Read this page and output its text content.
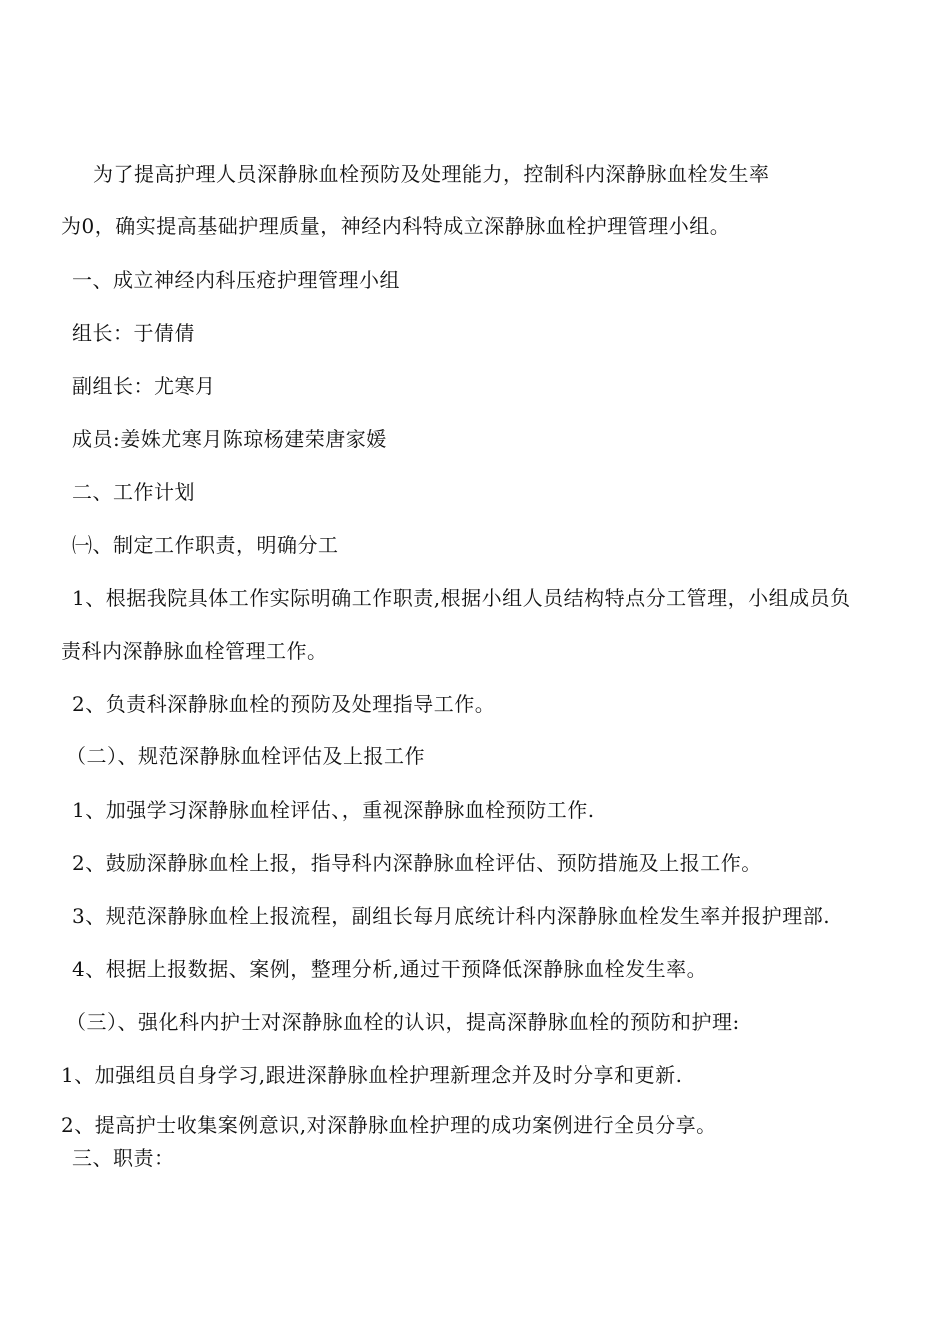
为了提高护理人员深静脉血栓预防及处理能力，控制科内深静脉血栓发生率
为0，确实提高基础护理质量，神经内科特成立深静脉血栓护理管理小组。
一、成立神经内科压疮护理管理小组
组长：于倩倩
副组长：尤寒月
成员:姜姝尤寒月陈琼杨建荣唐家媛
二、工作计划
㈠、制定工作职责，明确分工
1、根据我院具体工作实际明确工作职责,根据小组人员结构特点分工管理，小组成员负
责科内深静脉血栓管理工作。
2、负责科深静脉血栓的预防及处理指导工作。
（二）、规范深静脉血栓评估及上报工作
1、加强学习深静脉血栓评估、，重视深静脉血栓预防工作.
2、鼓励深静脉血栓上报，指导科内深静脉血栓评估、预防措施及上报工作。
3、规范深静脉血栓上报流程，副组长每月底统计科内深静脉血栓发生率并报护理部.
4、根据上报数据、案例，整理分析,通过干预降低深静脉血栓发生率。
（三）、强化科内护士对深静脉血栓的认识，提高深静脉血栓的预防和护理:
1、加强组员自身学习,跟进深静脉血栓护理新理念并及时分享和更新.
2、提高护士收集案例意识,对深静脉血栓护理的成功案例进行全员分享。
三、职责：
